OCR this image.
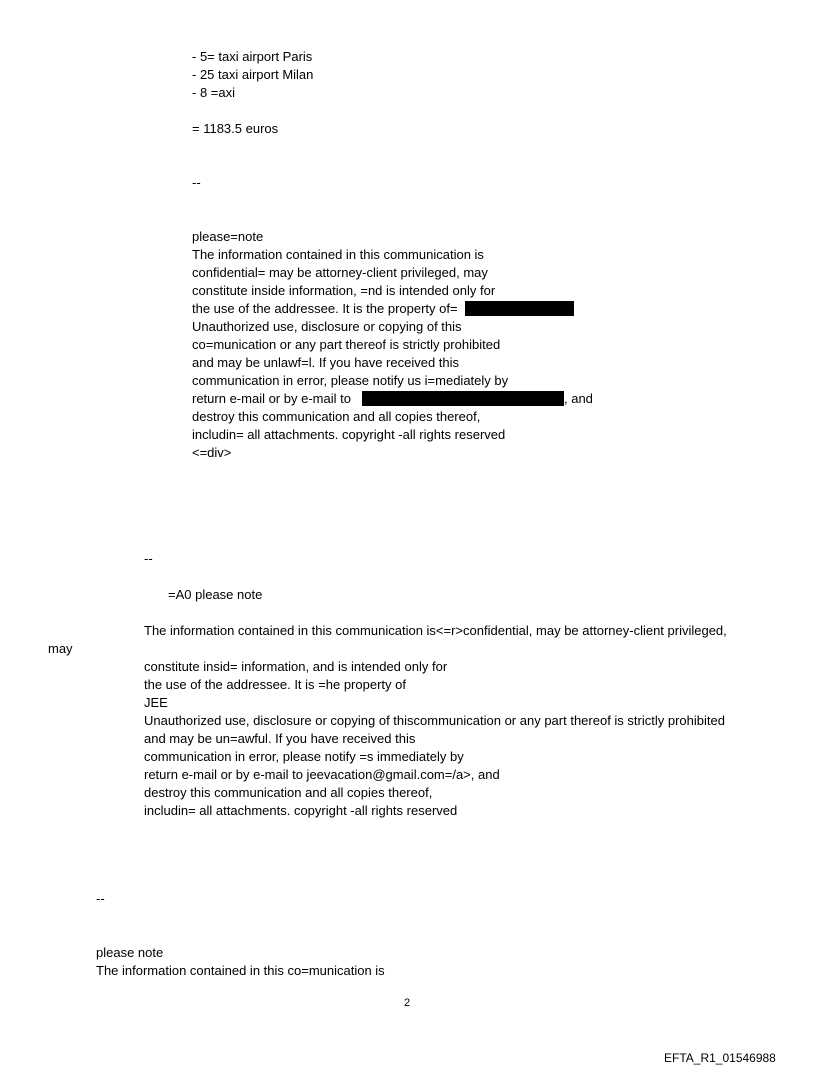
- 5= taxi airport Paris
- 25 taxi airport Milan
- 8 =axi
= 1183.5 euros
--
please=note
The information contained in this communication is
confidential= may be attorney-client privileged, may
constitute inside information, =nd is intended only for
the use of the addressee. It is the property of=
Unauthorized use, disclosure or copying of this
co=munication or any part thereof is strictly prohibited
and may be unlawf=l. If you have received this
communication in error, please notify us i=mediately by
return e-mail or by e-mail to	, and
destroy this communication and all copies thereof,
includin= all attachments. copyright -all rights reserved
<=div>
--
=A0 please note
The information contained in this communication is<=r>confidential, may be attorney-client privileged,
may
constitute insid= information, and is intended only for
the use of the addressee. It is =he property of
JEE
Unauthorized use, disclosure or copying of thiscommunication or any part thereof is strictly prohibited
and may be un=awful. If you have received this
communication in error, please notify =s immediately by
return e-mail or by e-mail to jeevacation@gmail.com=/a>, and
destroy this communication and all copies thereof,
includin= all attachments. copyright -all rights reserved
--
please note
The information contained in this co=munication is
2
EFTA_R1_01546988
